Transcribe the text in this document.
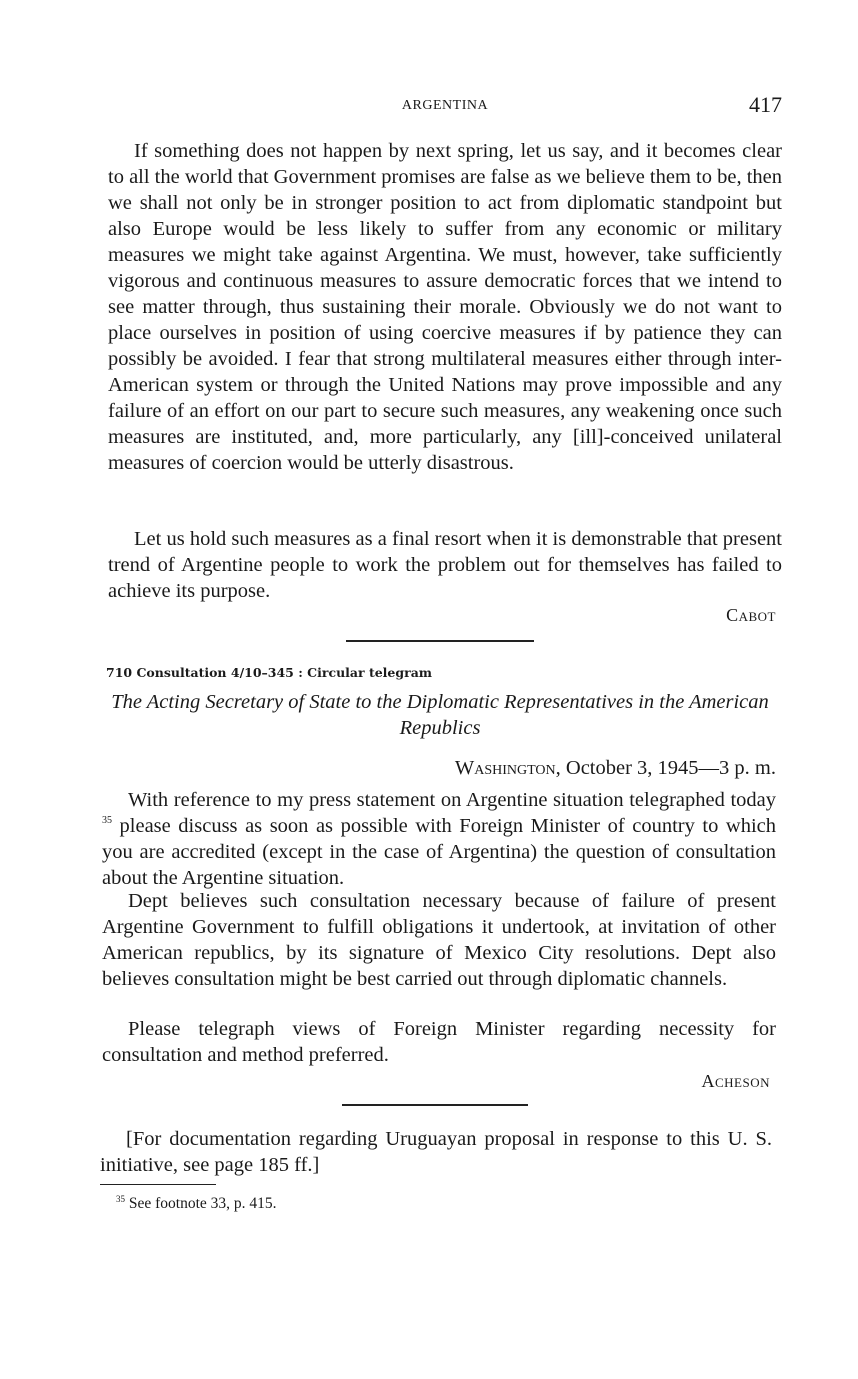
ARGENTINA	417

If something does not happen by next spring, let us say, and it becomes clear to all the world that Government promises are false as we believe them to be, then we shall not only be in stronger position to act from diplomatic standpoint but also Europe would be less likely to suffer from any economic or military measures we might take against Argentina. We must, however, take sufficiently vigorous and continuous measures to assure democratic forces that we intend to see matter through, thus sustaining their morale. Obviously we do not want to place ourselves in position of using coercive measures if by patience they can possibly be avoided. I fear that strong multilateral measures either through inter-American system or through the United Nations may prove impossible and any failure of an effort on our part to secure such measures, any weakening once such measures are instituted, and, more particularly, any [ill]-conceived unilateral measures of coercion would be utterly disastrous.

Let us hold such measures as a final resort when it is demonstrable that present trend of Argentine people to work the problem out for themselves has failed to achieve its purpose.

Cabot
710 Consultation 4/10–345 : Circular telegram

The Acting Secretary of State to the Diplomatic Representatives in the American Republics

Washington, October 3, 1945—3 p. m.

With reference to my press statement on Argentine situation telegraphed today $^{35}$ please discuss as soon as possible with Foreign Minister of country to which you are accredited (except in the case of Argentina) the question of consultation about the Argentine situation.

Dept believes such consultation necessary because of failure of present Argentine Government to fulfill obligations it undertook, at invitation of other American republics, by its signature of Mexico City resolutions. Dept also believes consultation might be best carried out through diplomatic channels.

Please telegraph views of Foreign Minister regarding necessity for consultation and method preferred.

Acheson

[For documentation regarding Uruguayan proposal in response to this U. S. initiative, see page 185 ff.]

$^{35}$ See footnote 33, p. 415.
